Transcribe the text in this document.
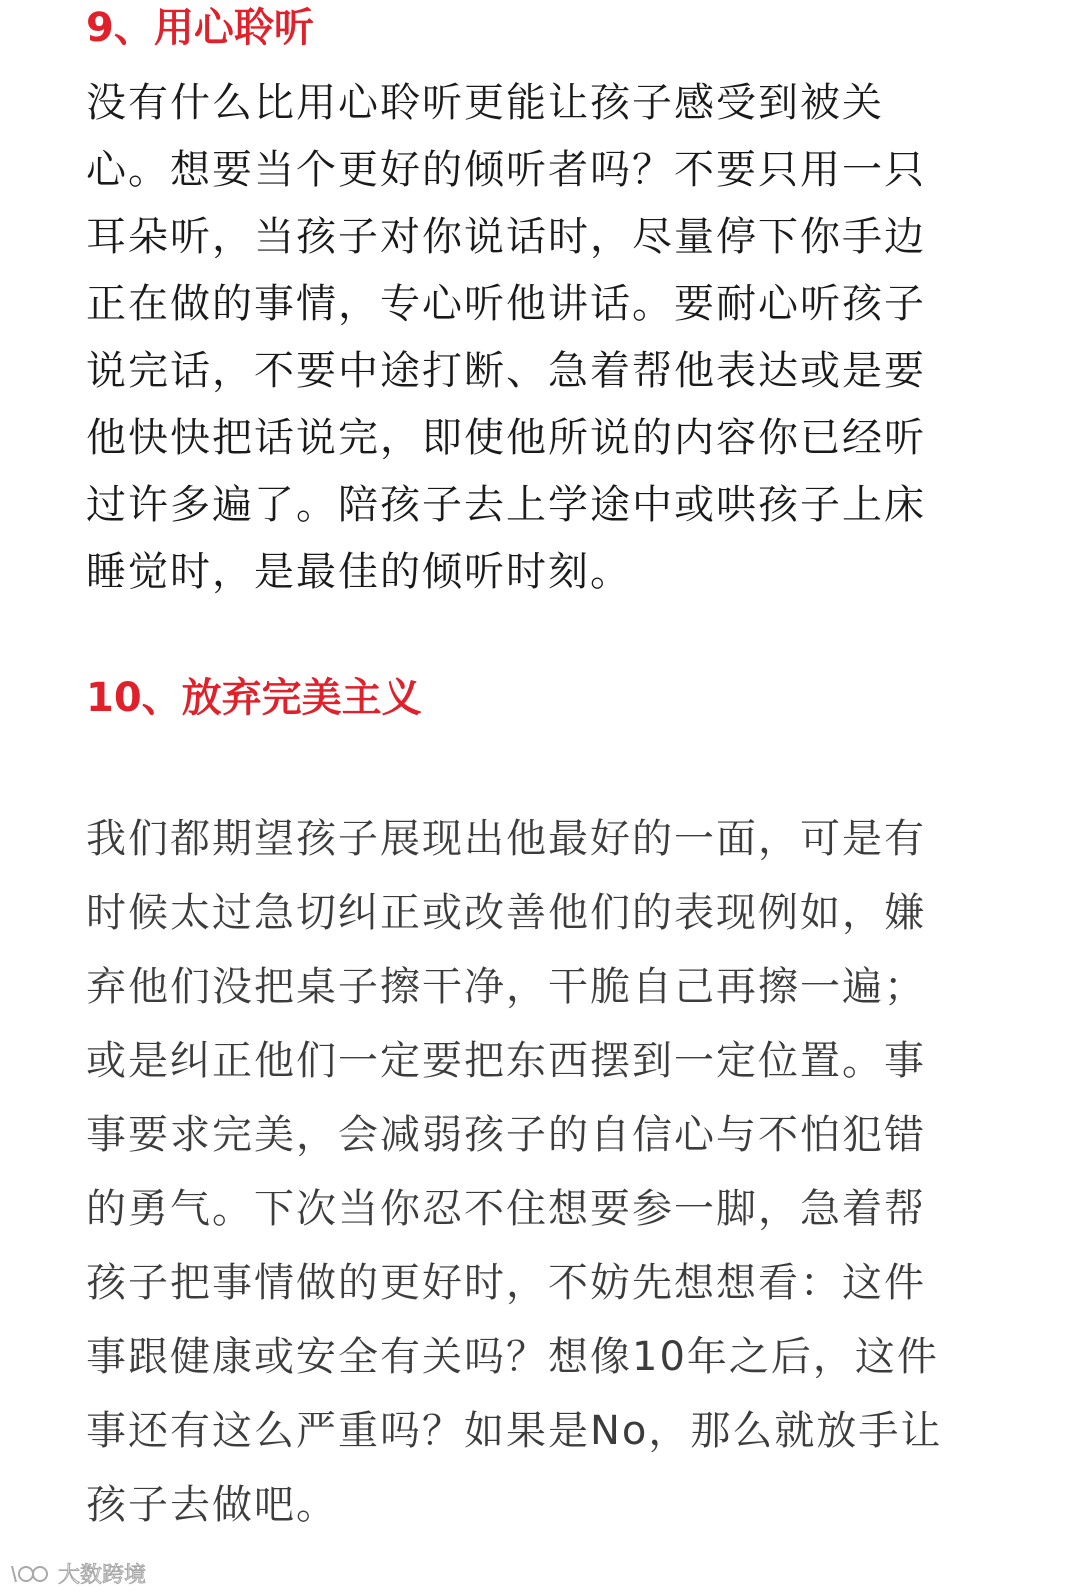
9、用心聆听

没有什么比用心聆听更能让孩子感受到被关
心。想要当个更好的倾听者吗？不要只用一只
耳朵听，当孩子对你说话时，尽量停下你手边
正在做的事情，专心听他讲话。要耐心听孩子
说完话，不要中途打断、急着帮他表达或是要
他快快把话说完，即使他所说的内容你已经听
过许多遍了。陪孩子去上学途中或哄孩子上床
睡觉时，是最佳的倾听时刻。

10、放弃完美主义

我们都期望孩子展现出他最好的一面，可是有
时候太过急切纠正或改善他们的表现例如，嫌
弃他们没把桌子擦干净，干脆自己再擦一遍；
或是纠正他们一定要把东西摆到一定位置。事
事要求完美，会减弱孩子的自信心与不怕犯错
的勇气。下次当你忍不住想要参一脚，急着帮
孩子把事情做的更好时，不妨先想想看：这件
事跟健康或安全有关吗？想像10年之后，这件
事还有这么严重吗？如果是No，那么就放手让
孩子去做吧。

大数跨境
